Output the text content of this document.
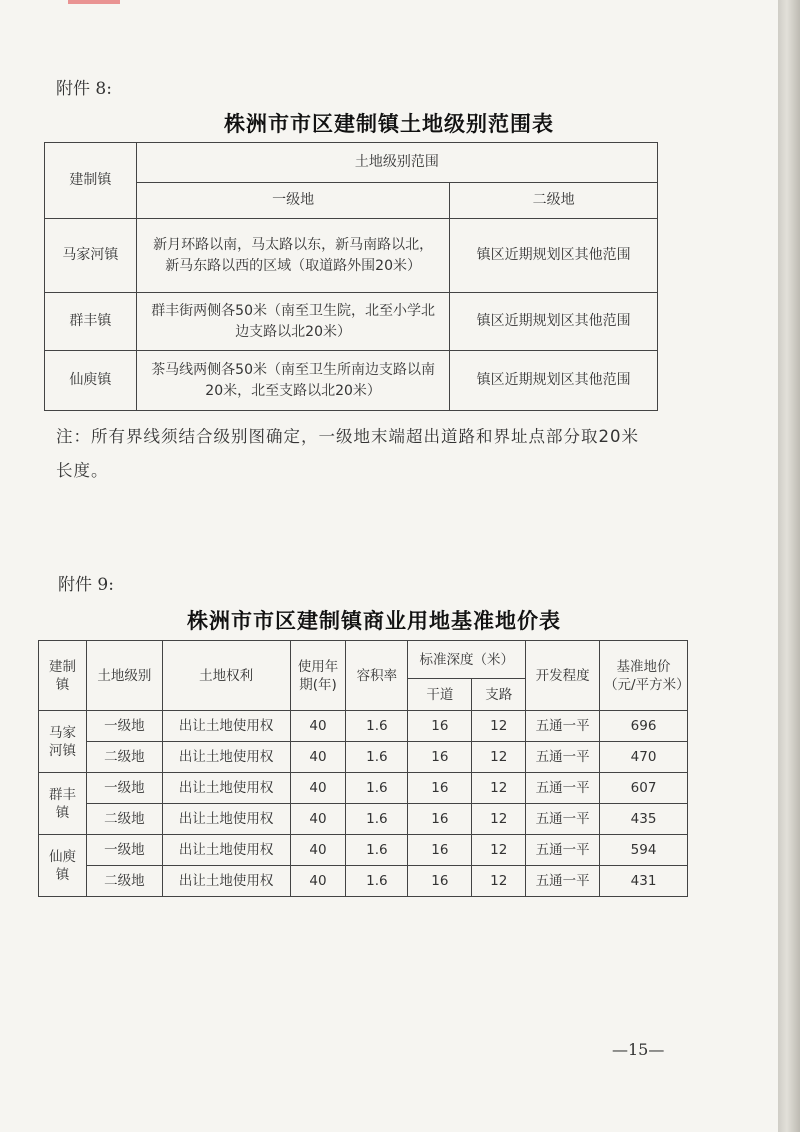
附件 8:
株洲市市区建制镇土地级别范围表
建制镇	土地级别范围	
	一级地	二级地
马家河镇	新月环路以南，马太路以东，新马南路以北，新马东路以西的区域（取道路外围20米）	镇区近期规划区其他范围
群丰镇	群丰街两侧各50米（南至卫生院，北至小学北边支路以北20米）	镇区近期规划区其他范围
仙庾镇	茶马线两侧各50米（南至卫生所南边支路以南20米，北至支路以北20米）	镇区近期规划区其他范围
注：所有界线须结合级别图确定，一级地末端超出道路和界址点部分取20米长度。
附件 9:
株洲市市区建制镇商业用地基准地价表
建制镇	土地级别	土地权利	使用年期(年)	容积率	标准深度（米）		开发程度	基准地价（元/平方米）
					干道	支路		
马家河镇	一级地	出让土地使用权	40	1.6	16	12	五通一平	696
	二级地	出让土地使用权	40	1.6	16	12	五通一平	470
群丰镇	一级地	出让土地使用权	40	1.6	16	12	五通一平	607
	二级地	出让土地使用权	40	1.6	16	12	五通一平	435
仙庾镇	一级地	出让土地使用权	40	1.6	16	12	五通一平	594
	二级地	出让土地使用权	40	1.6	16	12	五通一平	431
—15—
